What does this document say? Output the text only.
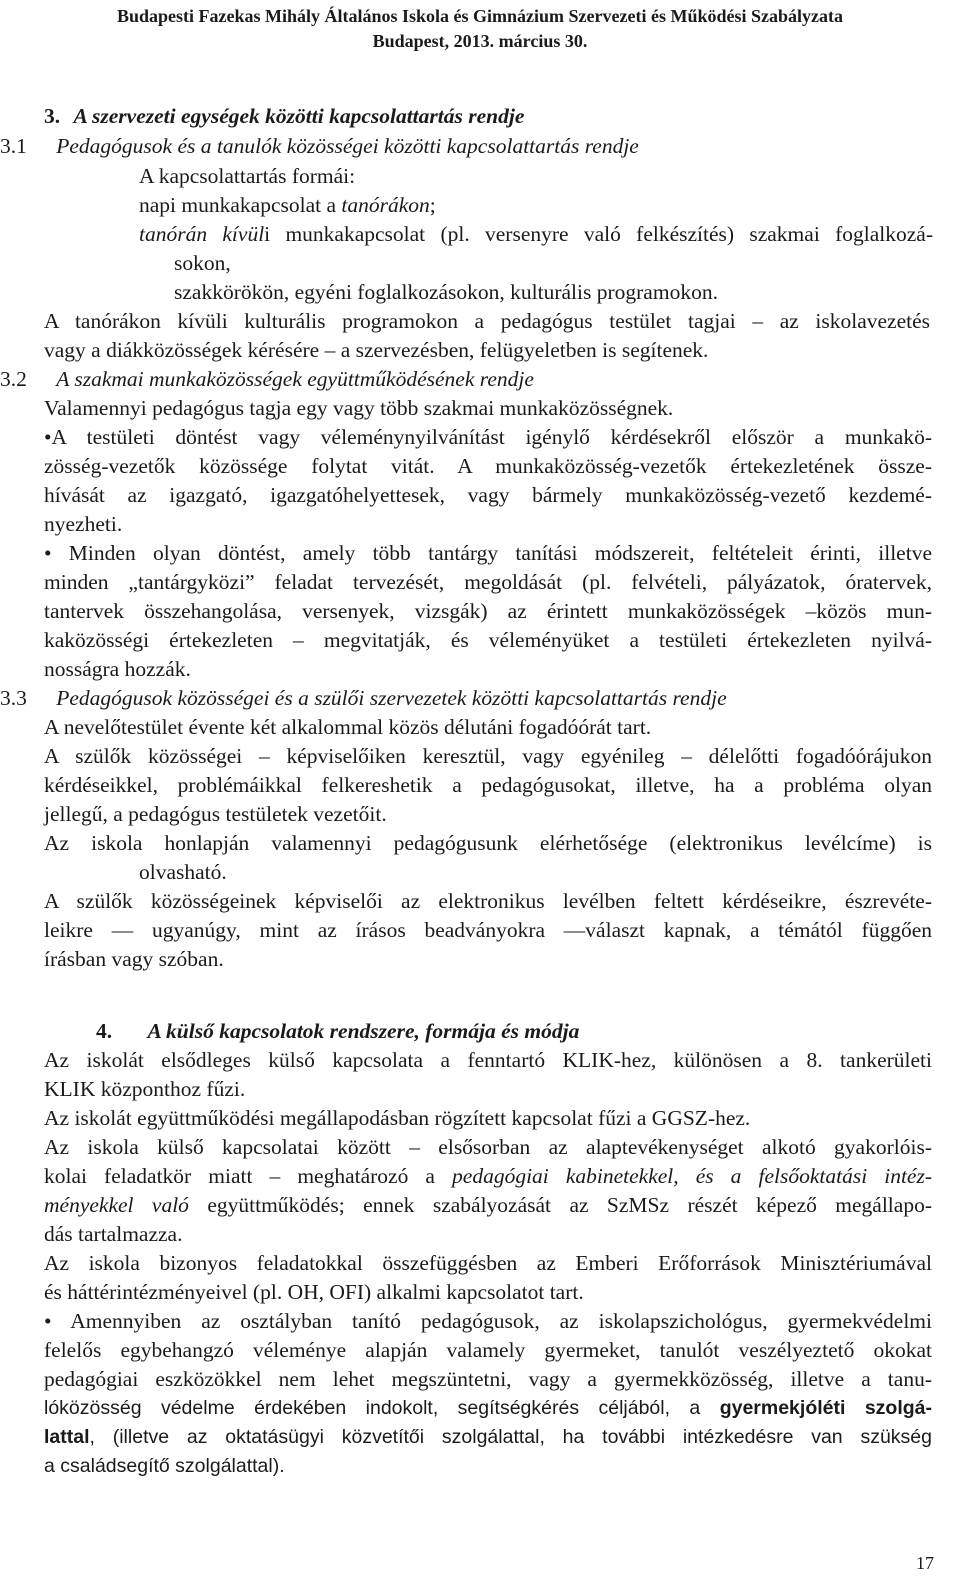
Budapesti Fazekas Mihály Általános Iskola és Gimnázium Szervezeti és Működési Szabályzata
Budapest, 2013. március 30.
3. A szervezeti egységek közötti kapcsolattartás rendje
3.1 Pedagógusok és a tanulók közösségei közötti kapcsolattartás rendje
A kapcsolattartás formái:
napi munkakapcsolat a tanórákon;
tanórán kívüli munkakapcsolat (pl. versenyre való felkészítés) szakmai foglalkozá-
sokon,
szakkörökön, egyéni foglalkozásokon, kulturális programokon.
A tanórákon kívüli kulturális programokon a pedagógus testület tagjai – az iskolavezetés
vagy a diákközösségek kérésére – a szervezésben, felügyeletben is segítenek.
3.2 A szakmai munkaközösségek együttműködésének rendje
Valamennyi pedagógus tagja egy vagy több szakmai munkaközösségnek.
•A testületi döntést vagy véleménynyilvánítást igénylő kérdésekről először a munkakö-
zösség-vezetők közössége folytat vitát. A munkaközösség-vezetők értekezletének össze-
hívását az igazgató, igazgatóhelyettesek, vagy bármely munkaközösség-vezető kezdemé-
nyezheti.
• Minden olyan döntést, amely több tantárgy tanítási módszereit, feltételeit érinti, illetve
minden „tantárgyközi” feladat tervezését, megoldását (pl. felvételi, pályázatok, óratervek,
tantervek összehangolása, versenyek, vizsgák) az érintett munkaközösségek –közös mun-
kaközösségi értekezleten – megvitatják, és véleményüket a testületi értekezleten nyilvá-
nosságra hozzák.
3.3 Pedagógusok közösségei és a szülői szervezetek közötti kapcsolattartás rendje
A nevelőtestület évente két alkalommal közös délutáni fogadóórát tart.
A szülők közösségei – képviselőiken keresztül, vagy egyénileg – délelőtti fogadóórájukon
kérdéseikkel, problémáikkal felkereshetik a pedagógusokat, illetve, ha a probléma olyan
jellegű, a pedagógus testületek vezetőit.
Az iskola honlapján valamennyi pedagógusunk elérhetősége (elektronikus levélcíme) is
olvasható.
A szülők közösségeinek képviselői az elektronikus levélben feltett kérdéseikre, észrevéte-
leikre — ugyanúgy, mint az írásos beadványokra —választ kapnak, a témától függően
írásban vagy szóban.
4. A külső kapcsolatok rendszere, formája és módja
Az iskolát elsődleges külső kapcsolata a fenntartó KLIK-hez, különösen a 8. tankerületi
KLIK központhoz fűzi.
Az iskolát együttműködési megállapodásban rögzített kapcsolat fűzi a GGSZ-hez.
Az iskola külső kapcsolatai között – elsősorban az alaptevékenységet alkotó gyakorlóis-
kolai feladatkör miatt – meghatározó a pedagógiai kabinetekkel, és a felsőoktatási intéz-
ményekkel való együttműködés; ennek szabályozását az SzMSz részét képező megállapo-
dás tartalmazza.
Az iskola bizonyos feladatokkal összefüggésben az Emberi Erőforrások Minisztériumával
és háttérintézményeivel (pl. OH, OFI) alkalmi kapcsolatot tart.
• Amennyiben az osztályban tanító pedagógusok, az iskolapszichológus, gyermekvédelmi
felelős egybehangzó véleménye alapján valamely gyermeket, tanulót veszélyeztető okokat
pedagógiai eszközökkel nem lehet megszüntetni, vagy a gyermekközösség, illetve a tanu-
lóközösség védelme érdekében indokolt, segítségkérés céljából, a gyermekjóléti szolgá-
lattal, (illetve az oktatásügyi közvetítői szolgálattal, ha további intézkedésre van szükség
a családsegítő szolgálattal).
17
